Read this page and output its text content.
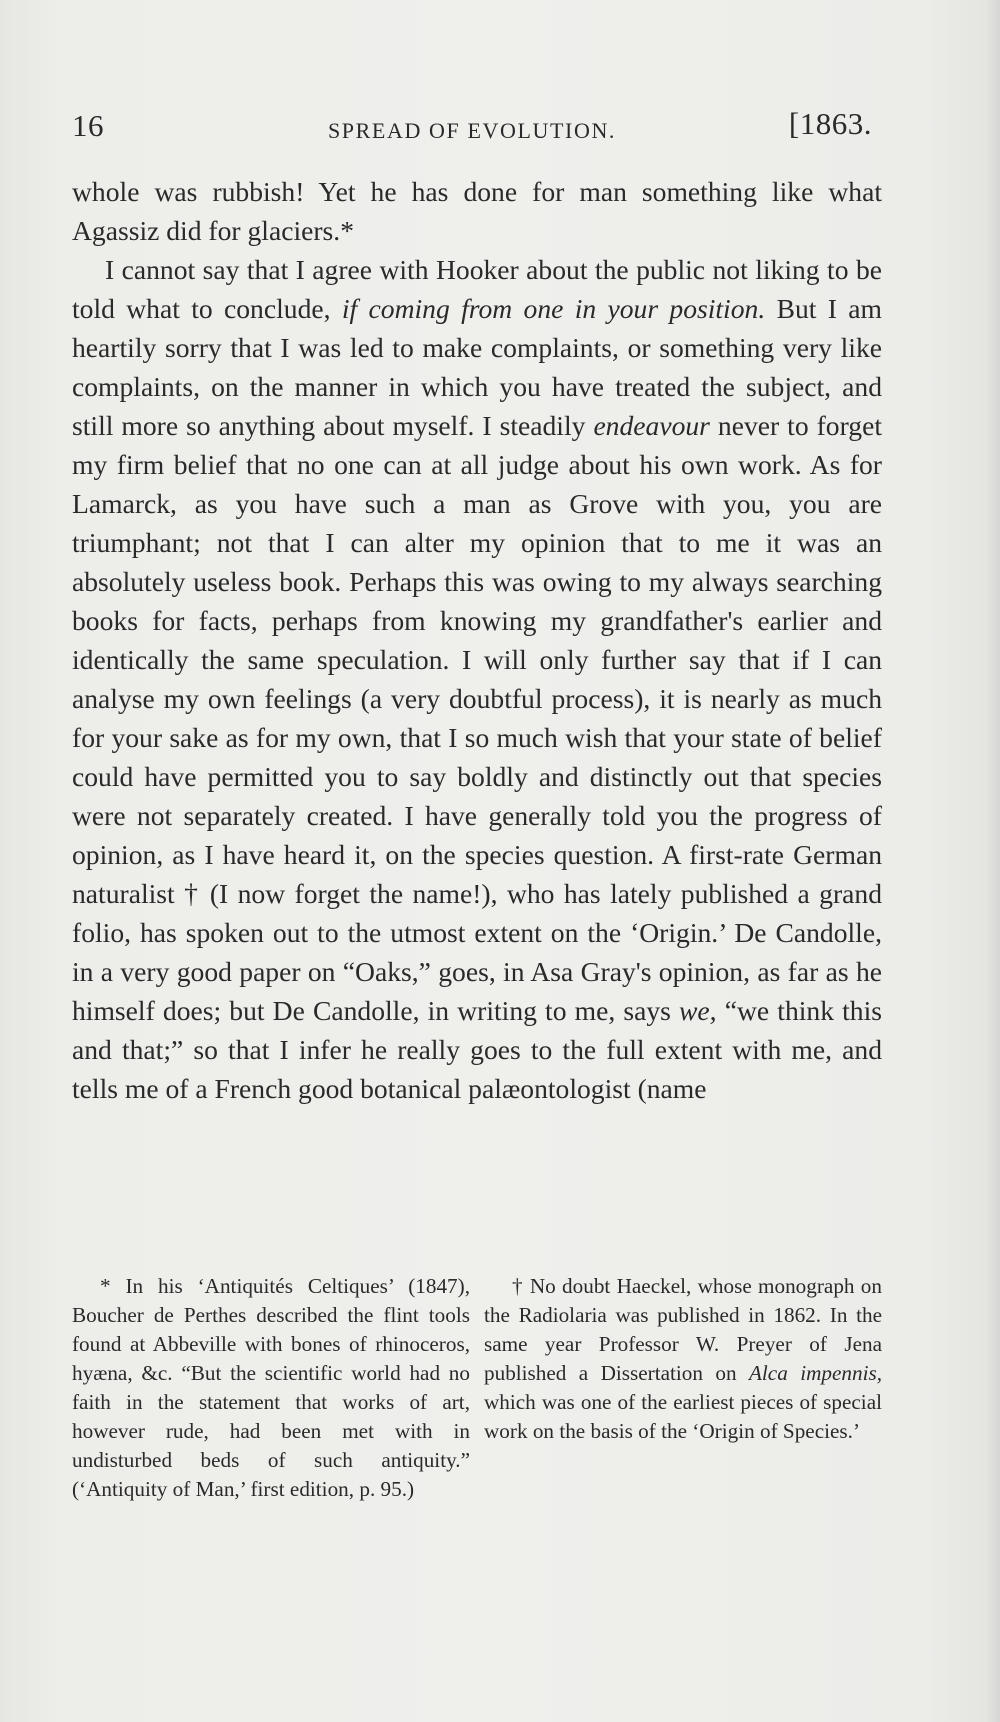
16	SPREAD OF EVOLUTION.	[1863.

whole was rubbish! Yet he has done for man something like what Agassiz did for glaciers.*

I cannot say that I agree with Hooker about the public not liking to be told what to conclude, if coming from one in your position. But I am heartily sorry that I was led to make complaints, or something very like complaints, on the manner in which you have treated the subject, and still more so anything about myself. I steadily endeavour never to forget my firm belief that no one can at all judge about his own work. As for Lamarck, as you have such a man as Grove with you, you are triumphant; not that I can alter my opinion that to me it was an absolutely useless book. Perhaps this was owing to my always searching books for facts, perhaps from knowing my grandfather's earlier and identically the same speculation. I will only further say that if I can analyse my own feelings (a very doubtful process), it is nearly as much for your sake as for my own, that I so much wish that your state of belief could have permitted you to say boldly and distinctly out that species were not separately created. I have generally told you the progress of opinion, as I have heard it, on the species question. A first-rate German naturalist † (I now forget the name!), who has lately published a grand folio, has spoken out to the utmost extent on the ‘Origin.’ De Candolle, in a very good paper on “Oaks,” goes, in Asa Gray's opinion, as far as he himself does; but De Candolle, in writing to me, says we, “we think this and that;” so that I infer he really goes to the full extent with me, and tells me of a French good botanical palæontologist (name

* In his ‘Antiquités Celtiques’ (1847), Boucher de Perthes described the flint tools found at Abbeville with bones of rhinoceros, hyæna, &c. “But the scientific world had no faith in the statement that works of art, however rude, had been met with in undisturbed beds of such antiquity.” (‘Antiquity of Man,’ first edition, p. 95.)

† No doubt Haeckel, whose monograph on the Radiolaria was published in 1862. In the same year Professor W. Preyer of Jena published a Dissertation on Alca impennis, which was one of the earliest pieces of special work on the basis of the ‘Origin of Species.’
